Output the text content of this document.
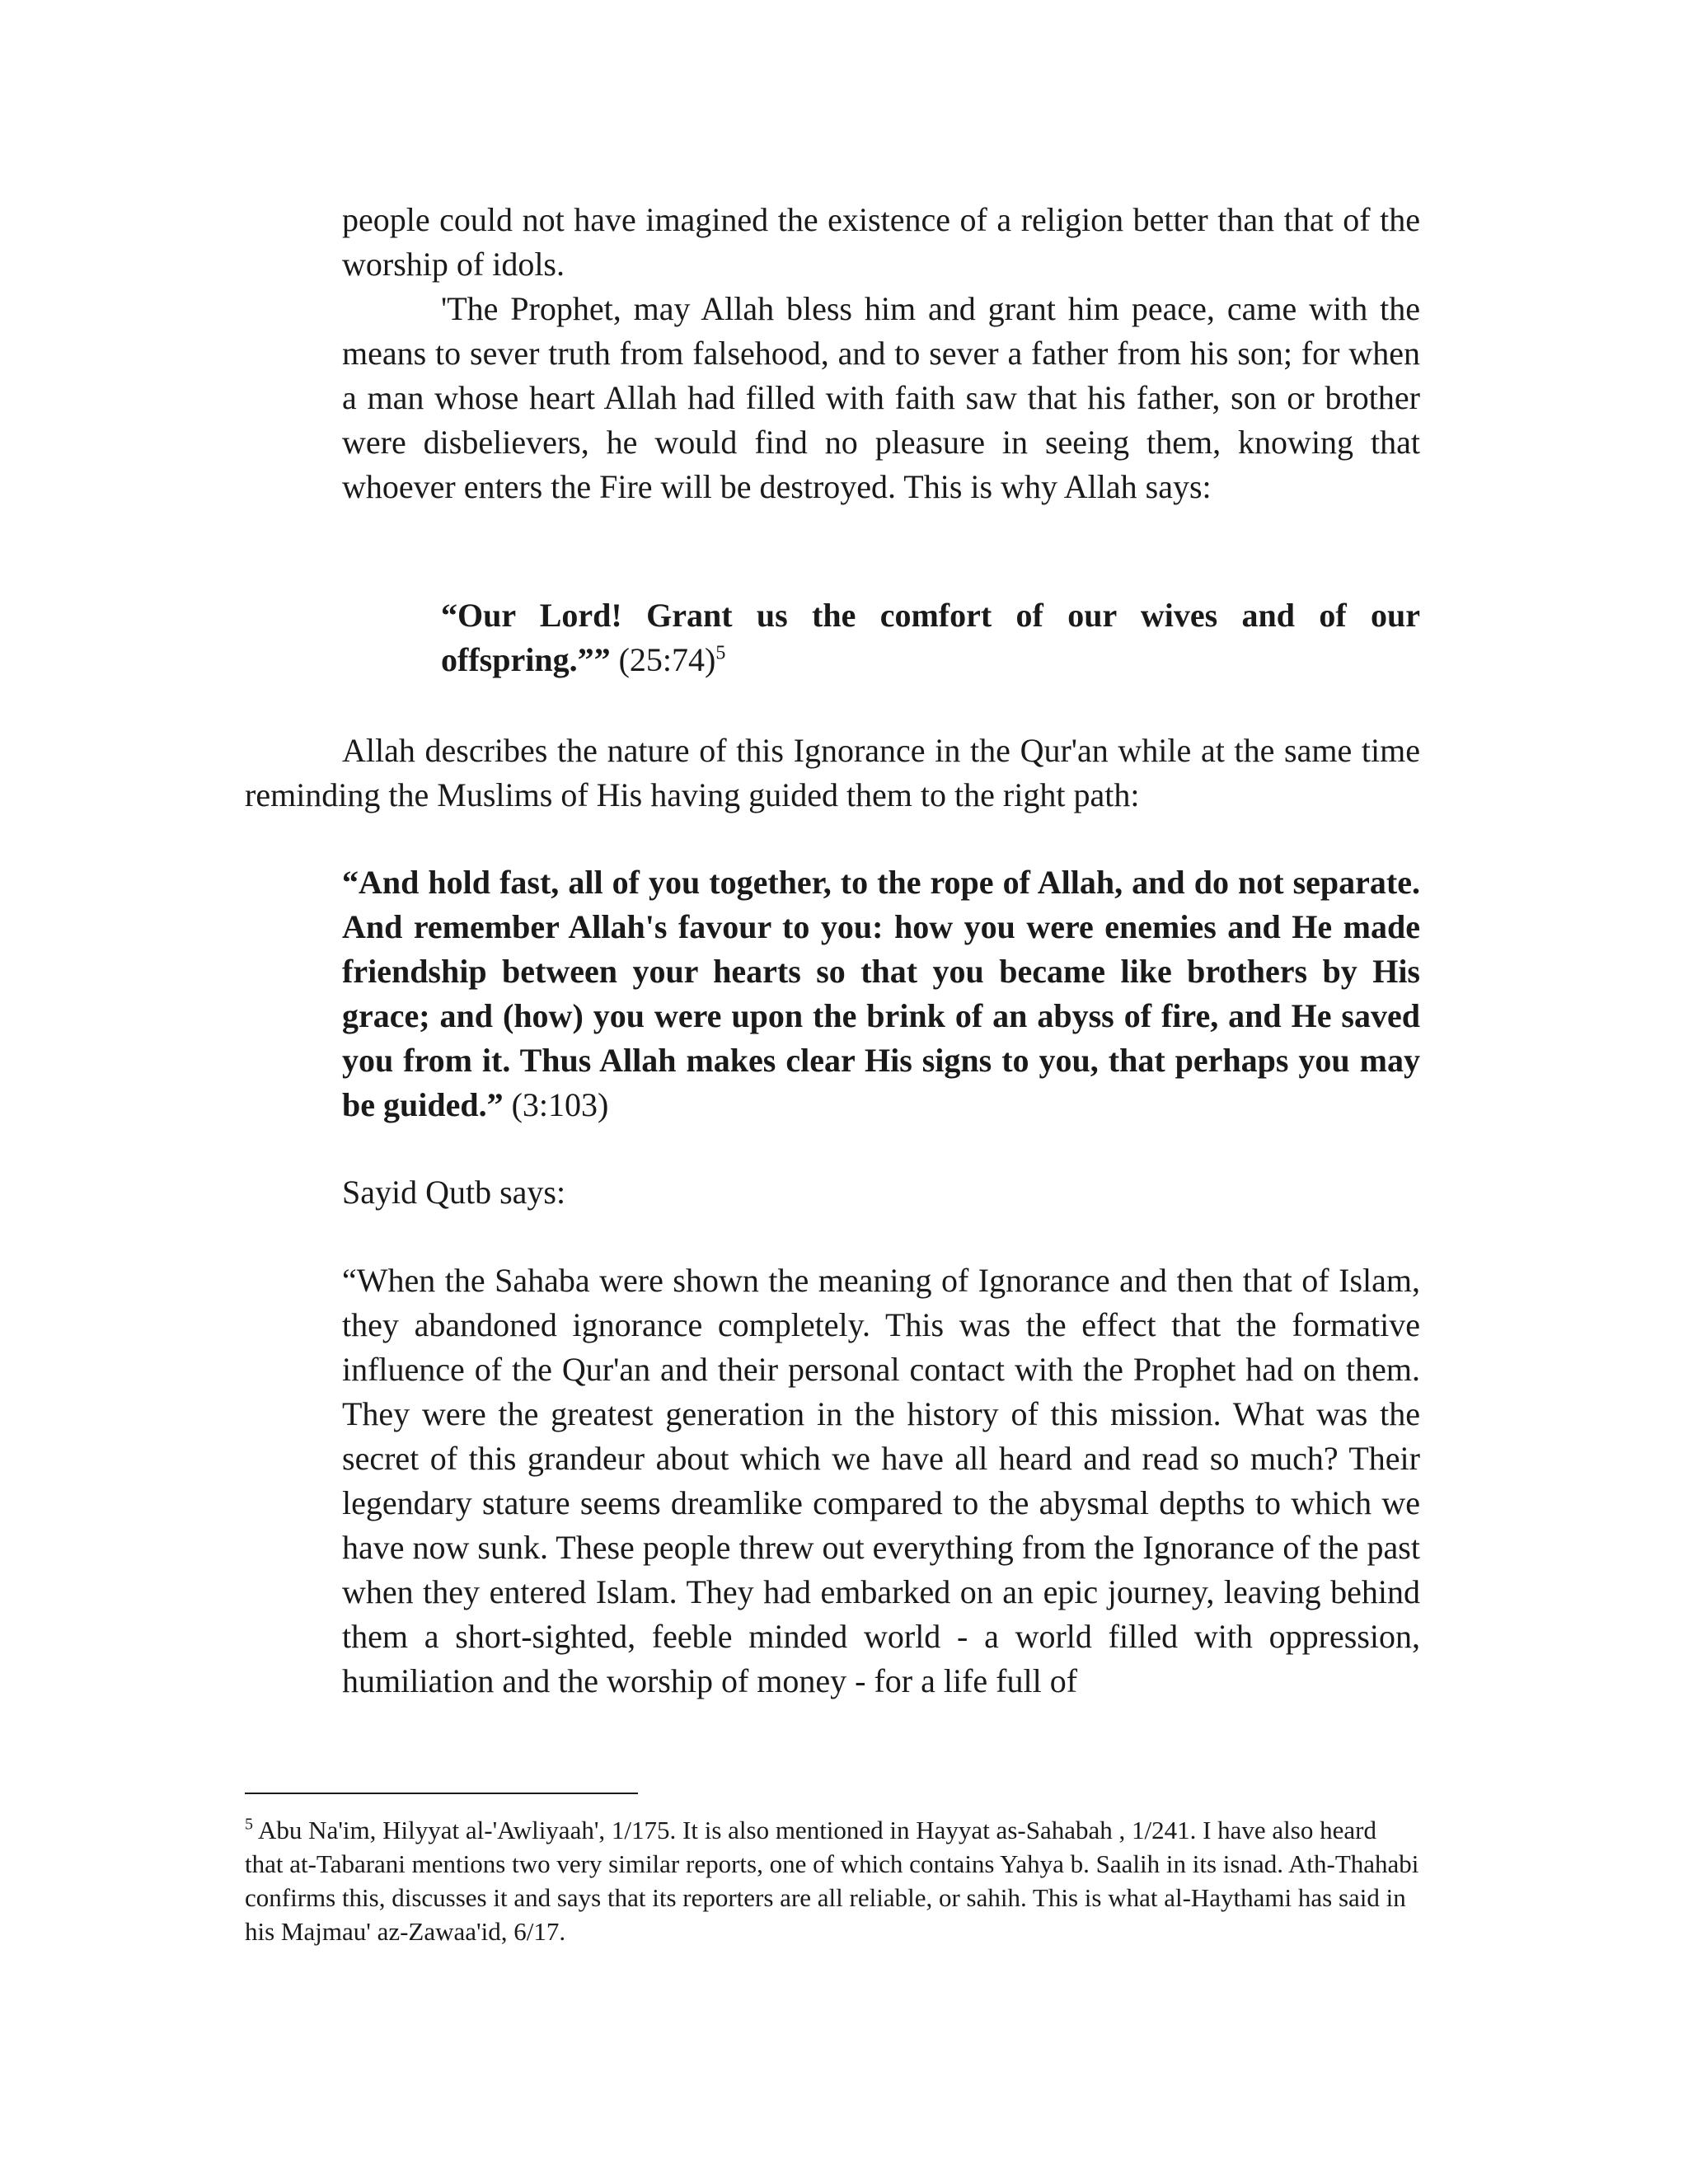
people could not have imagined the existence of a religion better than that of the worship of idols.

'The Prophet, may Allah bless him and grant him peace, came with the means to sever truth from falsehood, and to sever a father from his son; for when a man whose heart Allah had filled with faith saw that his father, son or brother were disbelievers, he would find no pleasure in seeing them, knowing that whoever enters the Fire will be destroyed. This is why Allah says:

“Our Lord! Grant us the comfort of our wives and of our offspring.”” (25:74)$^5$

Allah describes the nature of this Ignorance in the Qur'an while at the same time reminding the Muslims of His having guided them to the right path:

“And hold fast, all of you together, to the rope of Allah, and do not separate. And remember Allah's favour to you: how you were enemies and He made friendship between your hearts so that you became like brothers by His grace; and (how) you were upon the brink of an abyss of fire, and He saved you from it. Thus Allah makes clear His signs to you, that perhaps you may be guided.” (3:103)

Sayid Qutb says:

“When the Sahaba were shown the meaning of Ignorance and then that of Islam, they abandoned ignorance completely. This was the effect that the formative influence of the Qur'an and their personal contact with the Prophet had on them. They were the greatest generation in the history of this mission. What was the secret of this grandeur about which we have all heard and read so much? Their legendary stature seems dreamlike compared to the abysmal depths to which we have now sunk. These people threw out everything from the Ignorance of the past when they entered Islam. They had embarked on an epic journey, leaving behind them a short-sighted, feeble minded world - a world filled with oppression, humiliation and the worship of money - for a life full of

$^5$ Abu Na'im, Hilyyat al-'Awliyaah', 1/175. It is also mentioned in Hayyat as-Sahabah , 1/241. I have also heard that at-Tabarani mentions two very similar reports, one of which contains Yahya b. Saalih in its isnad. Ath-Thahabi confirms this, discusses it and says that its reporters are all reliable, or sahih. This is what al-Haythami has said in his Majmau' az-Zawaa'id, 6/17.
